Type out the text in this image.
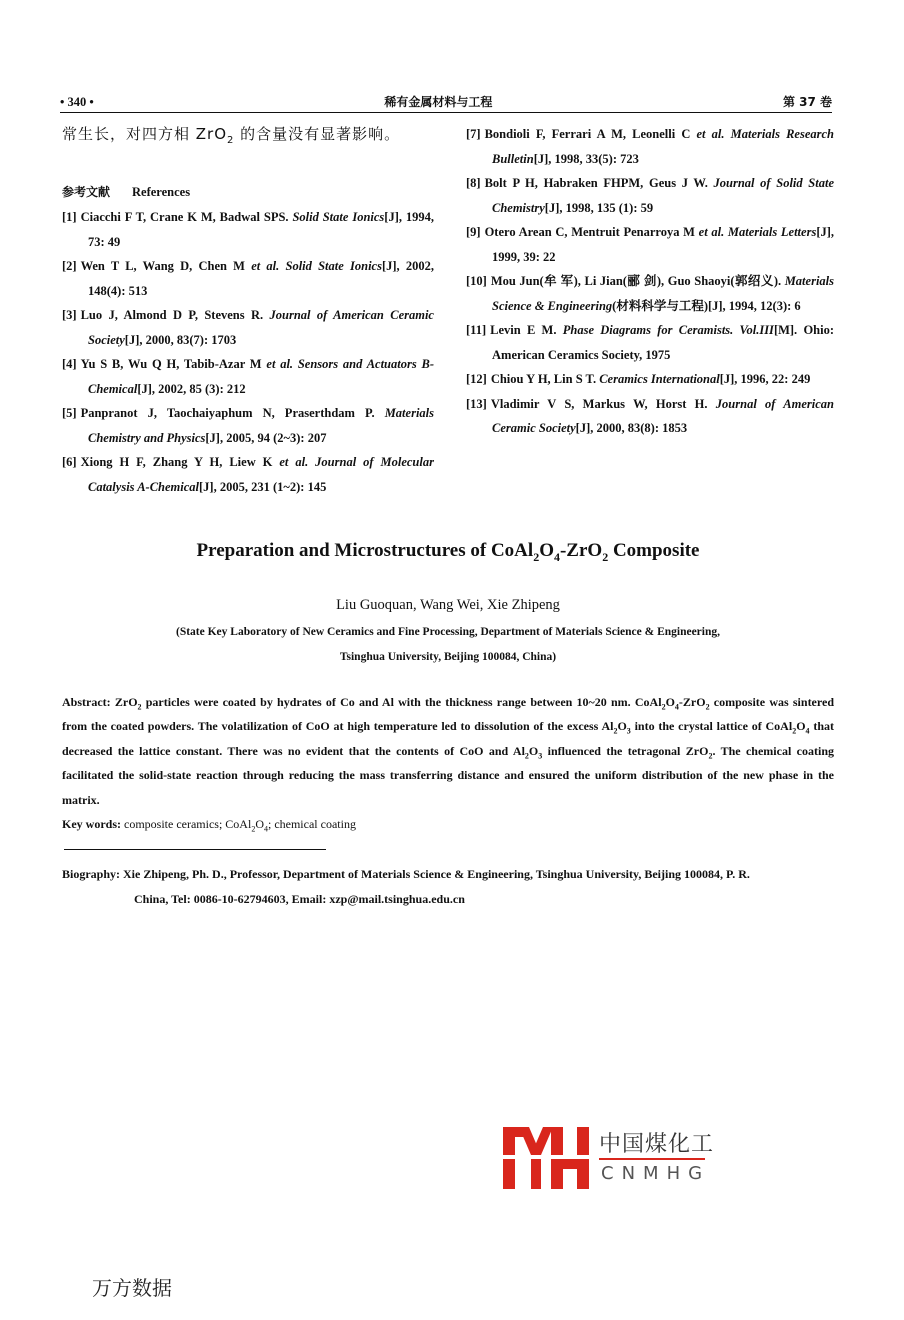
• 340 •	稀有金属材料与工程	第 37 卷
常生长，对四方相 ZrO$_2$ 的含量没有显著影响。
参考文献 References
[1] Ciacchi F T, Crane K M, Badwal SPS. Solid State Ionics[J], 1994, 73: 49
[2] Wen T L, Wang D, Chen M et al. Solid State Ionics[J], 2002, 148(4): 513
[3] Luo J, Almond D P, Stevens R. Journal of American Ceramic Society[J], 2000, 83(7): 1703
[4] Yu S B, Wu Q H, Tabib-Azar M et al. Sensors and Actuators B-Chemical[J], 2002, 85 (3): 212
[5] Panpranot J, Taochaiyaphum N, Praserthdam P. Materials Chemistry and Physics[J], 2005, 94 (2~3): 207
[6] Xiong H F, Zhang Y H, Liew K et al. Journal of Molecular Catalysis A-Chemical[J], 2005, 231 (1~2): 145
[7] Bondioli F, Ferrari A M, Leonelli C et al. Materials Research Bulletin[J], 1998, 33(5): 723
[8] Bolt P H, Habraken FHPM, Geus J W. Journal of Solid State Chemistry[J], 1998, 135 (1): 59
[9] Otero Arean C, Mentruit Penarroya M et al. Materials Letters[J], 1999, 39: 22
[10] Mou Jun(牟 军), Li Jian(郦 剑), Guo Shaoyi(郭绍义). Materials Science & Engineering(材料科学与工程)[J], 1994, 12(3): 6
[11] Levin E M. Phase Diagrams for Ceramists. Vol.III[M]. Ohio: American Ceramics Society, 1975
[12] Chiou Y H, Lin S T. Ceramics International[J], 1996, 22: 249
[13] Vladimir V S, Markus W, Horst H. Journal of American Ceramic Society[J], 2000, 83(8): 1853
Preparation and Microstructures of $CoAl_2O_4-ZrO_2$ Composite
Liu Guoquan, Wang Wei, Xie Zhipeng
(State Key Laboratory of New Ceramics and Fine Processing, Department of Materials Science & Engineering,
Tsinghua University, Beijing 100084, China)
Abstract: ZrO$_2$ particles were coated by hydrates of Co and Al with the thickness range between 10~20 nm. $CoAl_2O_4-ZrO_2$ composite was sintered from the coated powders. The volatilization of CoO at high temperature led to dissolution of the excess $Al_2O_3$ into the crystal lattice of $CoAl_2O_4$ that decreased the lattice constant. There was no evident that the contents of CoO and $Al_2O_3$ influenced the tetragonal ZrO$_2$. The chemical coating facilitated the solid-state reaction through reducing the mass transferring distance and ensured the uniform distribution of the new phase in the matrix.
Key words: composite ceramics; $CoAl_2O_4$; chemical coating
Biography: Xie Zhipeng, Ph. D., Professor, Department of Materials Science & Engineering, Tsinghua University, Beijing 100084, P. R.
China, Tel: 0086-10-62794603, Email: xzp@mail.tsinghua.edu.cn
中国煤化工
CNMHG
万方数据
